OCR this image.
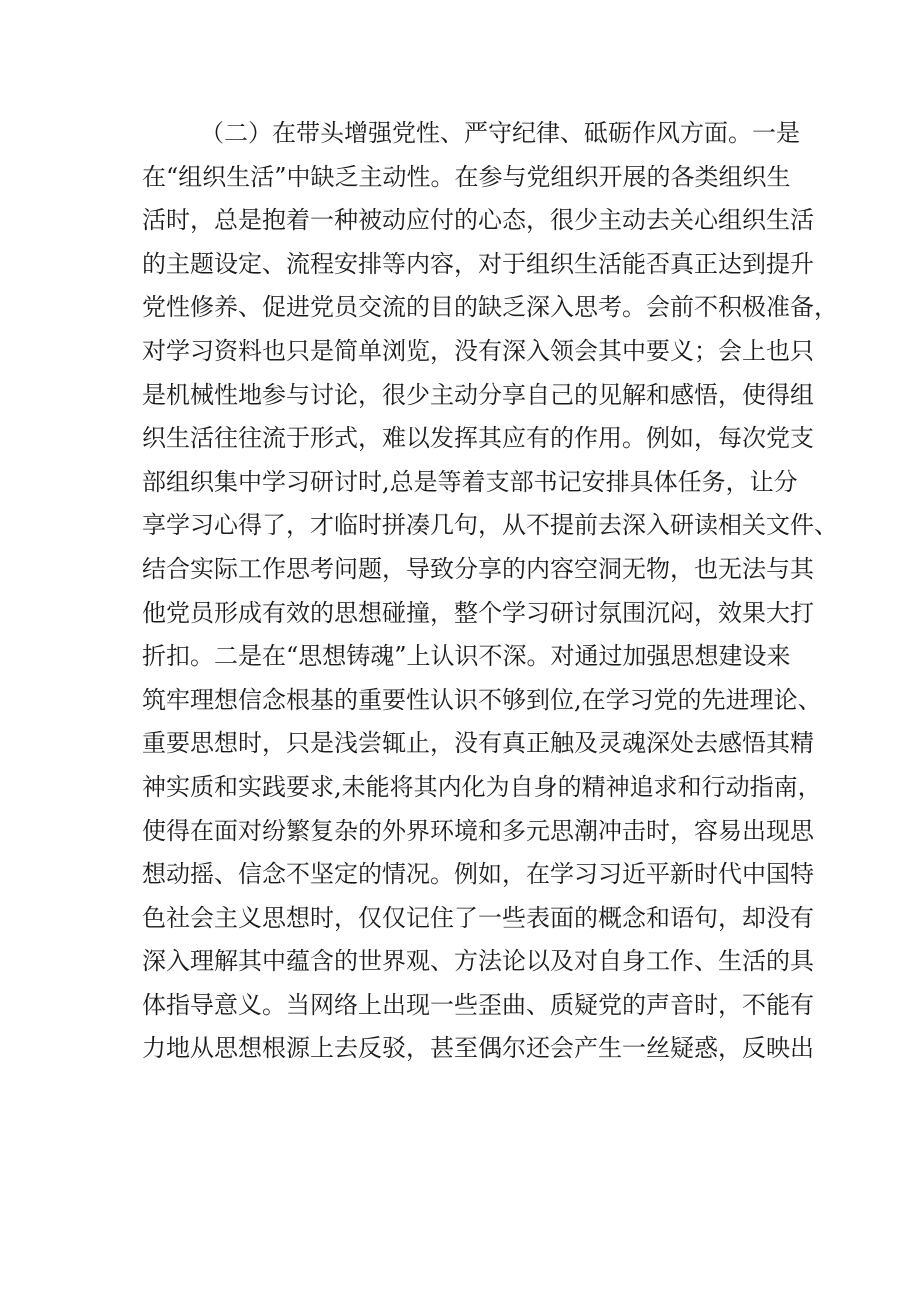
（二）在带头增强党性、严守纪律、砥砺作风方面。一是
在“组织生活”中缺乏主动性。在参与党组织开展的各类组织生
活时，总是抱着一种被动应付的心态，很少主动去关心组织生活
的主题设定、流程安排等内容，对于组织生活能否真正达到提升
党性修养、促进党员交流的目的缺乏深入思考。会前不积极准备，
对学习资料也只是简单浏览，没有深入领会其中要义；会上也只
是机械性地参与讨论，很少主动分享自己的见解和感悟，使得组
织生活往往流于形式，难以发挥其应有的作用。例如，每次党支
部组织集中学习研讨时,总是等着支部书记安排具体任务，让分
享学习心得了，才临时拼凑几句，从不提前去深入研读相关文件、
结合实际工作思考问题，导致分享的内容空洞无物，也无法与其
他党员形成有效的思想碰撞，整个学习研讨氛围沉闷，效果大打
折扣。二是在“思想铸魂”上认识不深。对通过加强思想建设来
筑牢理想信念根基的重要性认识不够到位,在学习党的先进理论、
重要思想时，只是浅尝辄止，没有真正触及灵魂深处去感悟其精
神实质和实践要求,未能将其内化为自身的精神追求和行动指南，
使得在面对纷繁复杂的外界环境和多元思潮冲击时，容易出现思
想动摇、信念不坚定的情况。例如，在学习习近平新时代中国特
色社会主义思想时，仅仅记住了一些表面的概念和语句，却没有
深入理解其中蕴含的世界观、方法论以及对自身工作、生活的具
体指导意义。当网络上出现一些歪曲、质疑党的声音时，不能有
力地从思想根源上去反驳，甚至偶尔还会产生一丝疑惑，反映出
